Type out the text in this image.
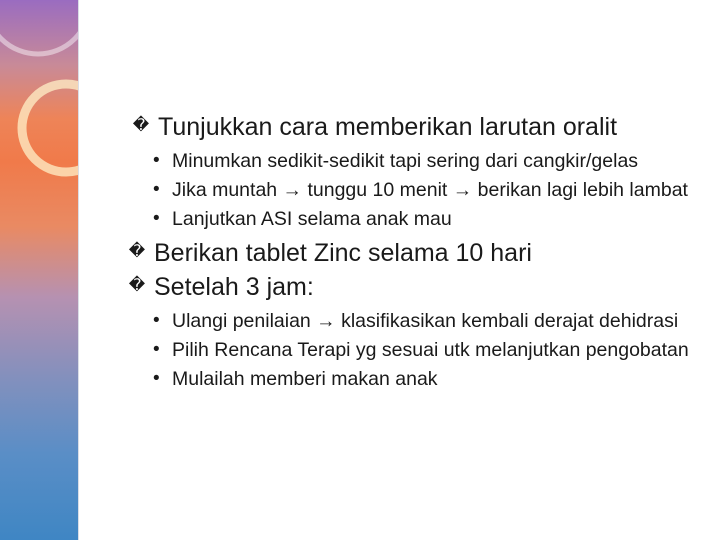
� Tunjukkan cara memberikan larutan oralit

• Minumkan sedikit-sedikit tapi sering dari cangkir/gelas
• Jika muntah → tunggu 10 menit → berikan lagi lebih lambat
• Lanjutkan ASI selama anak mau

� Berikan tablet Zinc selama 10 hari

� Setelah 3 jam:

• Ulangi penilaian → klasifikasikan kembali derajat dehidrasi
• Pilih Rencana Terapi yg sesuai utk melanjutkan pengobatan
• Mulailah memberi makan anak
